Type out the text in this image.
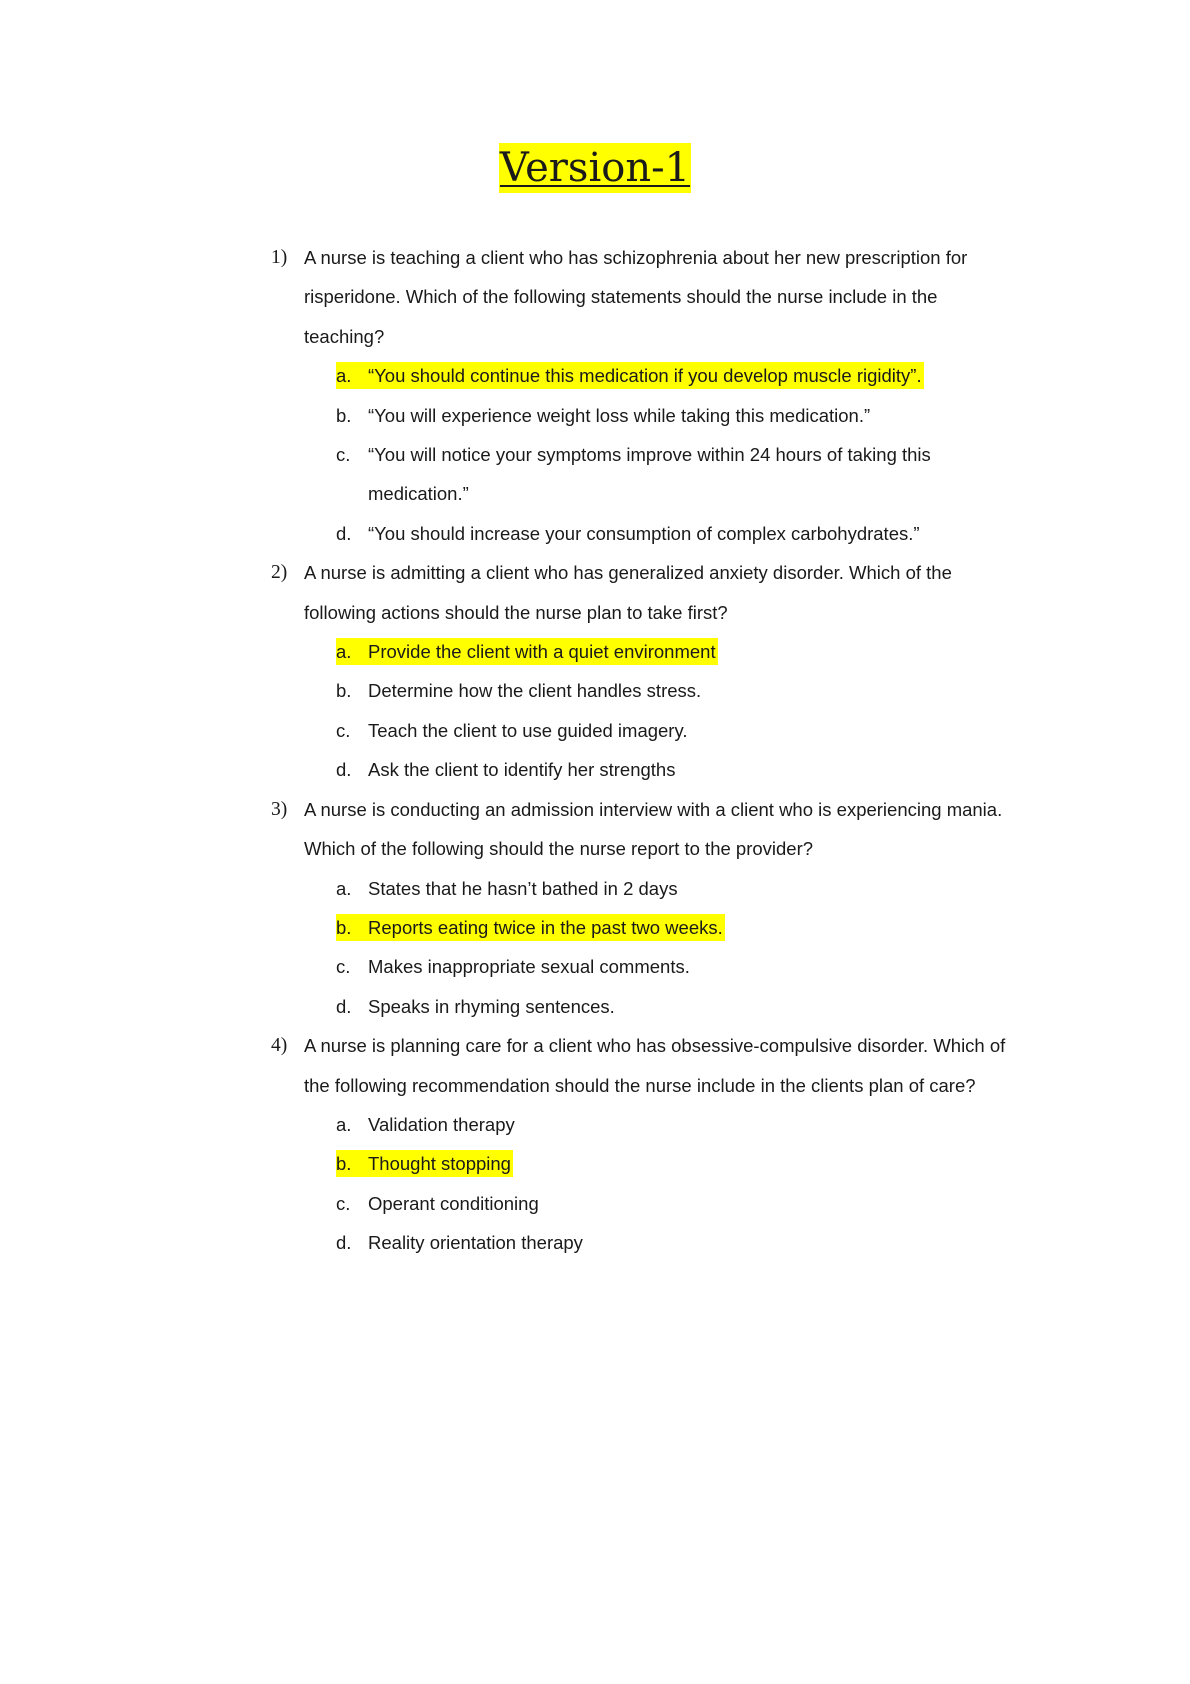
Version-1
1) A nurse is teaching a client who has schizophrenia about her new prescription for
risperidone. Which of the following statements should the nurse include in the
teaching?
a. “You should continue this medication if you develop muscle rigidity”.
b. “You will experience weight loss while taking this medication.”
c. “You will notice your symptoms improve within 24 hours of taking this
medication.”
d. “You should increase your consumption of complex carbohydrates.”
2) A nurse is admitting a client who has generalized anxiety disorder. Which of the
following actions should the nurse plan to take first?
a. Provide the client with a quiet environment
b. Determine how the client handles stress.
c. Teach the client to use guided imagery.
d. Ask the client to identify her strengths
3) A nurse is conducting an admission interview with a client who is experiencing mania.
Which of the following should the nurse report to the provider?
a. States that he hasn’t bathed in 2 days
b. Reports eating twice in the past two weeks.
c. Makes inappropriate sexual comments.
d. Speaks in rhyming sentences.
4) A nurse is planning care for a client who has obsessive-compulsive disorder. Which of
the following recommendation should the nurse include in the clients plan of care?
a. Validation therapy
b. Thought stopping
c. Operant conditioning
d. Reality orientation therapy
